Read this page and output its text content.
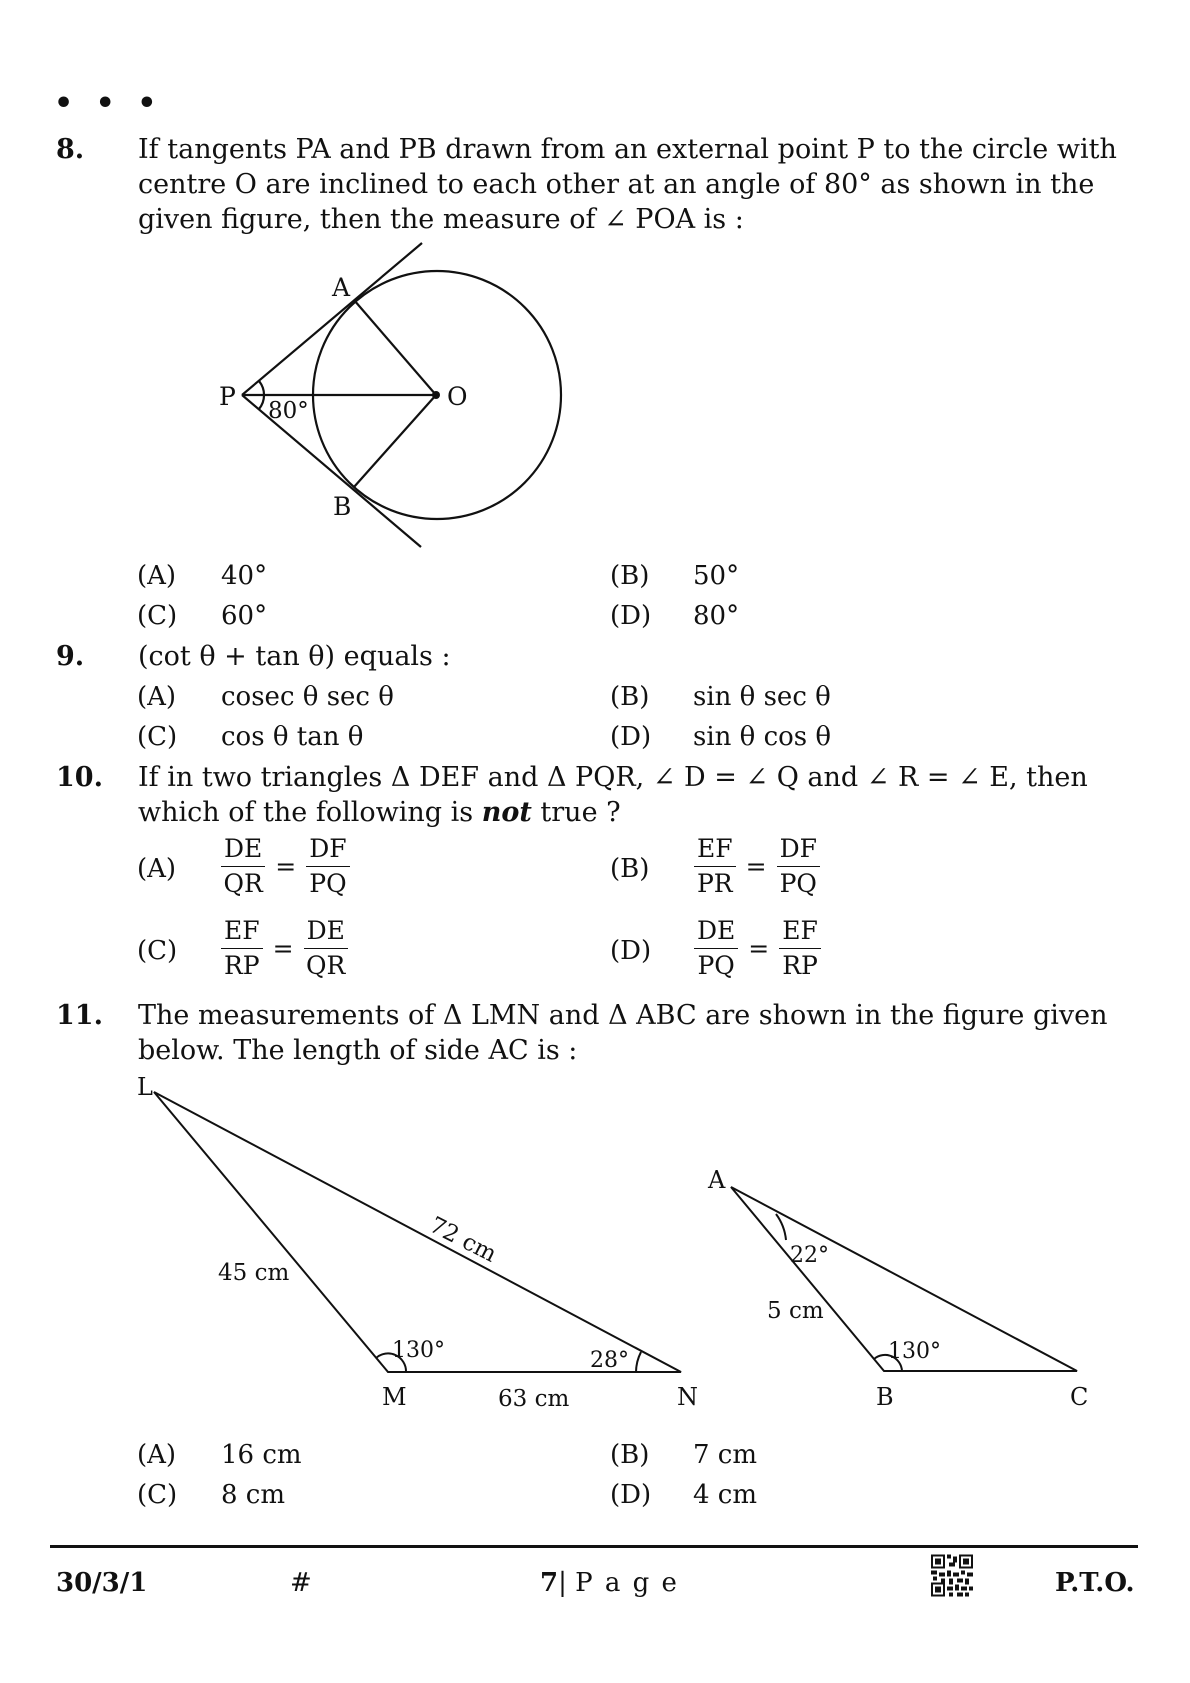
• • •
8. If tangents PA and PB drawn from an external point P to the circle with
centre O are inclined to each other at an angle of 80° as shown in the
given figure, then the measure of ∠ POA is :
A
B
P	O
80°
(A) 40°	(B) 50°
(C) 60°	(D) 80°
9. (cot θ + tan θ) equals :
(A) cosec θ sec θ	(B) sin θ sec θ
(C) cos θ tan θ	(D) sin θ cos θ
10. If in two triangles Δ DEF and Δ PQR, ∠ D = ∠ Q and ∠ R = ∠ E, then
which of the following is not true ?
$(A) \frac{DE}{QR} = \frac{DF}{PQ}$	$(B) \frac{EF}{PR} = \frac{DF}{PQ}$
$(C) \frac{EF}{RP} = \frac{DE}{QR}$	$(D) \frac{DE}{PQ} = \frac{EF}{RP}$
11. The measurements of Δ LMN and Δ ABC are shown in the figure given
below. The length of side AC is :
L
M	N
45 cm
72 cm
63 cm
130°	28°
A
B	C
5 cm
22°
130°
(A) 16 cm	(B) 7 cm
(C) 8 cm	(D) 4 cm
30/3/1	#	7| P a g e	P.T.O.
